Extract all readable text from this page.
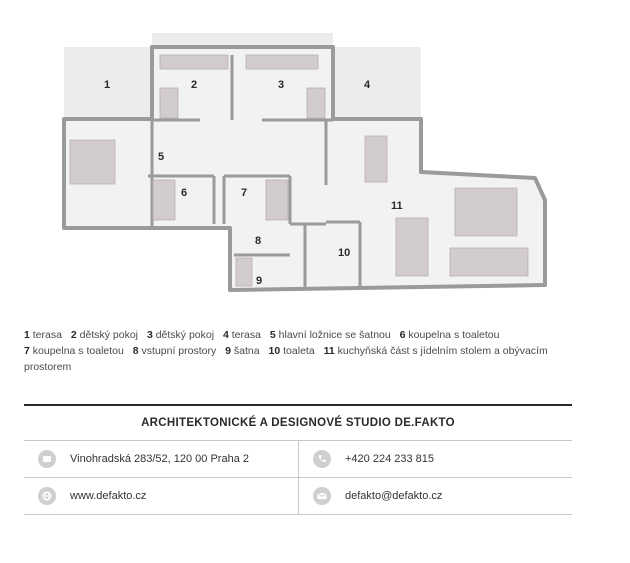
1	2	3	4
5
6	7
8
9
10
11
1 terasa 2 dětský pokoj 3 dětský pokoj 4 terasa 5 hlavní ložnice se šatnou 6 koupelna s toaletou 7 koupelna s toaletou 8 vstupní prostory 9 šatna 10 toaleta 11 kuchyňská část s jídelním stolem a obývacím prostorem
ARCHITEKTONICKÉ A DESIGNOVÉ STUDIO DE.FAKTO
Vinohradská 283/52, 120 00 Praha 2	+420 224 233 815
www.defakto.cz	defakto@defakto.cz
